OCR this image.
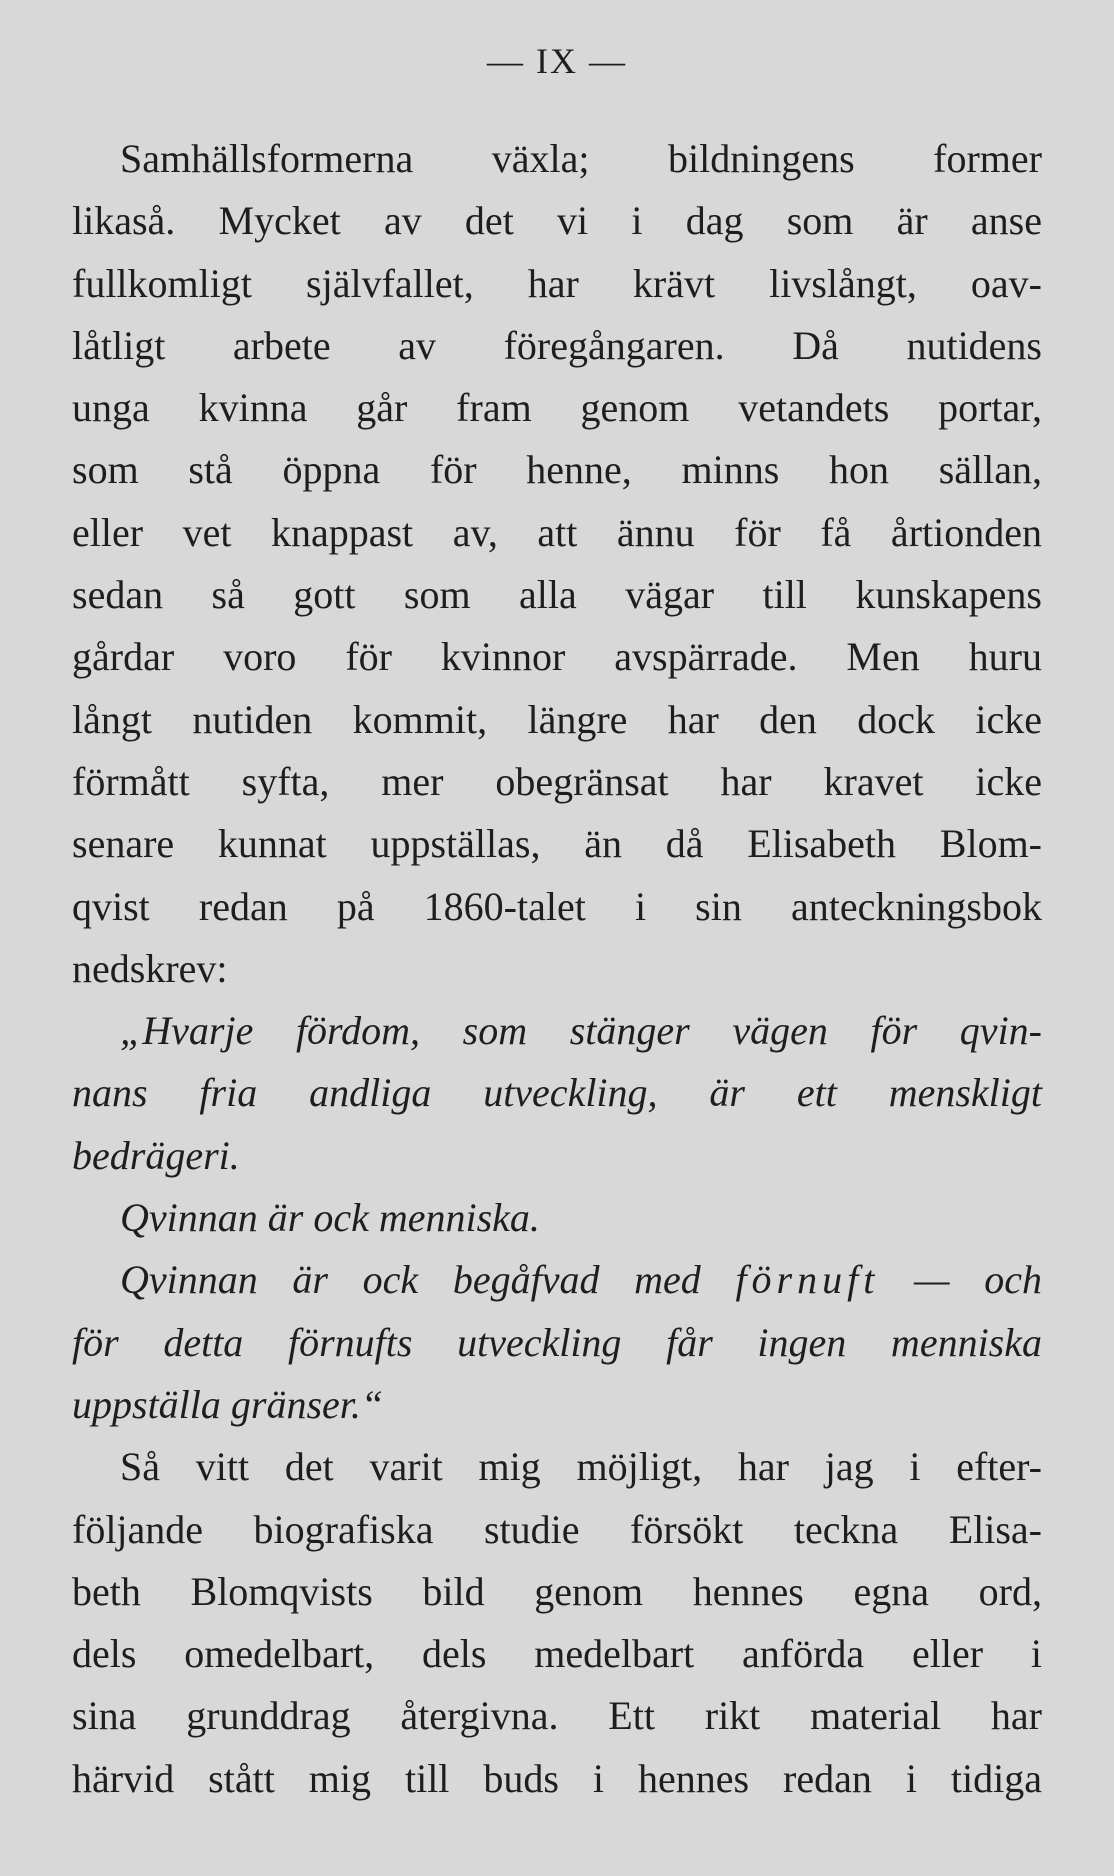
— IX —
Samhällsformerna växla; bildningens former
likaså. Mycket av det vi i dag som är anse
fullkomligt självfallet, har krävt livslångt, oav-
låtligt arbete av föregångaren. Då nutidens
unga kvinna går fram genom vetandets portar,
som stå öppna för henne, minns hon sällan,
eller vet knappast av, att ännu för få årtionden
sedan så gott som alla vägar till kunskapens
gårdar voro för kvinnor avspärrade. Men huru
långt nutiden kommit, längre har den dock icke
förmått syfta, mer obegränsat har kravet icke
senare kunnat uppställas, än då Elisabeth Blom-
qvist redan på 1860-talet i sin anteckningsbok
nedskrev:
„Hvarje fördom, som stänger vägen för qvin-
nans fria andliga utveckling, är ett menskligt
bedrägeri.
Qvinnan är ock menniska.
Qvinnan är ock begåfvad med förnuft — och
för detta förnufts utveckling får ingen menniska
uppställa gränser.“
Så vitt det varit mig möjligt, har jag i efter-
följande biografiska studie försökt teckna Elisa-
beth Blomqvists bild genom hennes egna ord,
dels omedelbart, dels medelbart anförda eller i
sina grunddrag återgivna. Ett rikt material har
härvid stått mig till buds i hennes redan i tidiga
